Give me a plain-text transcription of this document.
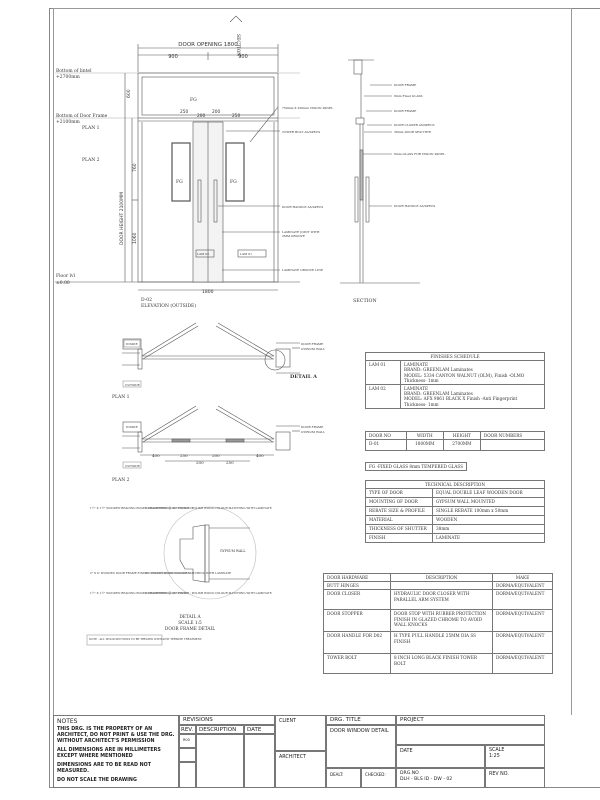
SECTION
DOOR OPENING 1800
900	900
Bottom of lintel
+2700mm
Bottom of Door Frame
+2100mm
PLAN 1
PLAN 2
Floor lvl
±0.00
600
760
1060
DOOR HEIGHT 2100MM
250
200
200
250
FG
FG	FG
LAM 02	LAM 01
1800
D-02
ELEVATION (OUTSIDE)
750mm X 250mm VISION PANEL
TOWER BOLT AS/SPECS
DOOR HANDLE AS/SPECS
LAMINATE JOINT WITH
2MM GROOVE
LAMINATE GROOVE LINE
DOOR FRAME
8mm Fixed GLASS
DOOR FRAME
DOOR CLOSER AS/SPECS
38mm DOOR SHUTTER
8mm GLASS FOR VISION PANEL
DOOR HANDLE AS/SPECS
SECTION
INSIDE
OUTSIDE
INSIDE
OUTSIDE
DOOR FRAME
GYPSUM WALL
DOOR FRAME
GYPSUM WALL
DETAIL A
PLAN 1
PLAN 2
400	250	200	400
200	250
1¾" X 1¾" WOODEN BEADING EDGES CHAMFERED @ 45° FINISH : POLISH WOOD COLOUR MATCHING WITH LAMINATE
2" X 4" WOODEN DOOR FRAME FINISH : POLISH WOOD COLOUR MATCHING WITH LAMINATE
1¾" X 1¾" WOODEN BEADING EDGES CHAMFERED @ 45° FINISH : POLISH WOOD COLOUR MATCHING WITH LAMINATE
GYPSUM WALL
DETAIL A
SCALE 1:5
DOOR FRAME DETAIL
NOTE : ALL WOOD SECTIONS TO BE TREATED WITH ANTI TERMITE TREATMENT.
FINISHES SCHEDULE	
LAM 01	LAMINATE
BRAND: GREENLAM Laminates
MODEL: 5334 CANYON WALNUT (OLM), Finish -OLMO
Thickness- 1mm

LAM 02	LAMINATE
BRAND: GREENLAM Laminates
MODEL: AFX 9861 BLACK X Finish -Anti Fingerprint
Thickness- 1mm
DOOR NO	WIDTH	HEIGHT	DOOR NUMBERS
D-01	1800MM	2700MM	
FG -FIXED GLASS 8mm TEMPERED GLASS
TECHNICAL DESCRIPTION	
TYPE OF DOOR	EQUAL DOUBLE LEAF WOODEN DOOR
MOUNTING OF DOOR	GYPSUM WALL MOUNTED
REBATE SIZE & PROFILE	SINGLE REBATE 100mm x 50mm
MATERIAL	WOODEN
THICKNESS OF SHUTTER	38mm
FINISH	LAMINATE
DOOR HARDWARE	DESCRIPTION	MAKE
BUTT HINGES		DORMA/EQUIVALENT
DOOR CLOSER	HYDRAULIC DOOR CLOSER WITH PARALLEL ARM SYSTEM	DORMA/EQUIVALENT
DOOR STOPPER	DOOR STOP WITH RUBBER PROTECTION FINISH IN GLAZED CHROME TO AVOID WALL KNOCKS	DORMA/EQUIVALENT
DOOR HANDLE FOR D02	H TYPE PULL HANDLE 25MM DIA SS FINISH	DORMA/EQUIVALENT
TOWER BOLT	8 INCH LONG BLACK FINISH TOWER BOLT	DORMA/EQUIVALENT
NOTES
THIS DRG. IS THE PROPERTY OF AN ARCHITECT, DO NOT PRINT & USE THE DRG. WITHOUT ARCHITECT'S PERMISSION
ALL DIMENSIONS ARE IN MILLIMETERS EXCEPT WHERE MENTIONED
DIMENSIONS ARE TO BE READ NOT MEASURED.
DO NOT SCALE THE DRAWING
REVISIONS
REV.	DESCRIPTION	DATE
R00
CLIENT
ARCHITECT
DRG. TITLE
DOOR WINDOW DETAIL
PROJECT
DATE	SCALE
1:25
DEALT:	CHECKED:	DRG.NO
DLH - BLS ID - DW - 02
REV NO.
